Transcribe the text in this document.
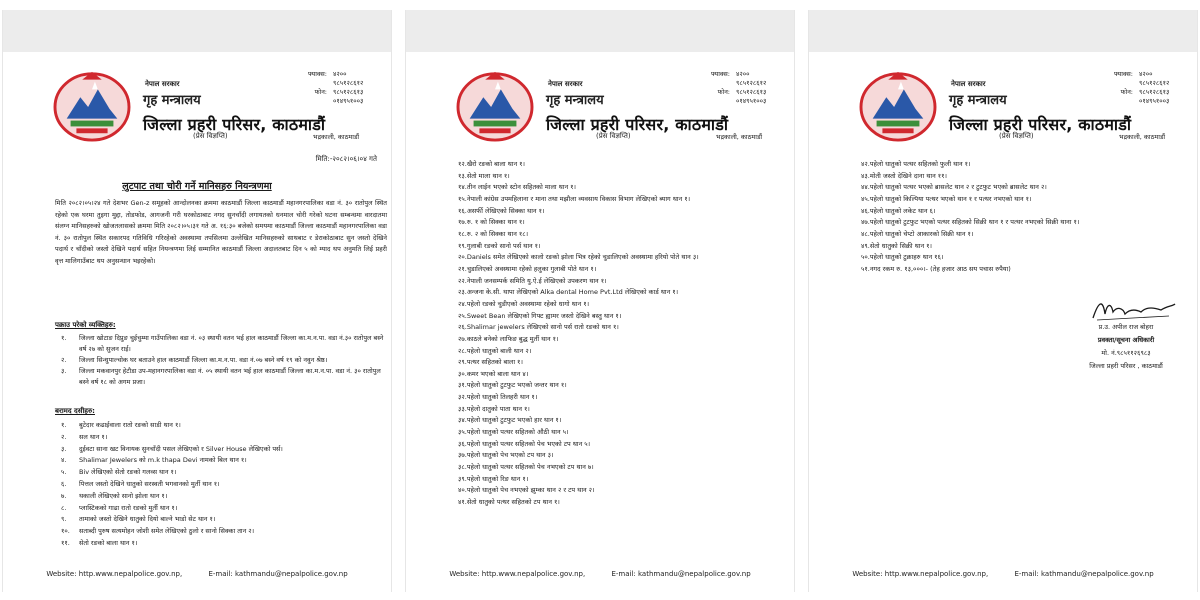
नेपाल सरकार
गृह मन्त्रालय
जिल्ला प्रहरी परिसर, काठमाडौं
(प्रेस विज्ञप्ति)
फ्याक्स: ४२००
९८५१२८६१२
फोन: ९८५१२८६१३
०१४९५१००३
भद्रकाली, काठमाडौं
मिति:-२०८२।०६।०४ गते
लुटपाट तथा चोरी गर्ने मानिसहरु नियन्त्रणमा
मिति २०८२।०५।२४ गते देशभर Gen-z समूहको आन्दोलनका क्रममा काठमाडौं जिल्ला काठमाडौं महानगरपालिका वडा नं. ३० रातोपुल स्थित रहेको एक घरमा तुइगा मुद्दा, तोडफोड, आगजनी गरी घरकोठाबाट नगद सुनचाँदी लगायतको धनमाल चोरी गरेको घटना सम्बन्धमा वारदातमा संलग्न मानिसहरुको खोजतलासको क्रममा मिति २०८२।०५।३१ गते अ. १६:३० बजेको समयमा काठमाडौं जिल्ला काठमाडौं महानगरपालिका वडा नं. ३० रातोपुल स्थित सकारपद गतिविधि गरिरहेको अवस्थामा तपसिलमा उल्लेखित मानिसहरुको साथबाट र डेराकोठाबाट सुन जस्तो देखिने पदार्थ र चाँदीको जस्तो देखिने पदार्थ सहित नियन्त्रणमा लिई सम्मानित काठमाडौं जिल्ला अदालतबाट दिन ५ को म्याद थप अनुमति लिई प्रहरी वृत्त मालिगाउँबाट थप अनुसन्धान भइरहेको।
पक्राउ परेको व्यक्तिहरु:
१.	जिल्ला खोटाङ दिप्रुङ चुईचुम्मा गाउँपालिका वडा नं. ०३ स्थायी वतन भई हाल काठमाडौं जिल्ला का.म.न.पा. वडा नं.३० रातोपुल बस्ने वर्ष २७ को सुजन राई।
२.	जिल्ला सिन्धुपाल्चोक घर बताउने हाल काठमाडौं जिल्ला का.म.न.पा. वडा नं.०७ बस्ने वर्ष १९ को नवुन श्रेष्ठ।
३.	जिल्ला मकवानपुर हेटौडा उप-महानगरपालिका वडा नं. ०५ स्थायी वतन भई हाल काठमाडौं जिल्ला का.म.न.पा. वडा नं. ३० रातोपुल बस्ने वर्ष १८ को अगम प्रजा।
बरामद दसीहरु:
१.	बुटेदार कढाईवाला रातो रङको साडी थान १।
२.	सल थान १।
३.	दुईवटा साना खट विनायक सुनचाँदी पसल लेखिएको र Silver House लेखिएको पर्स।
४.	Shalimar Jewelers को m.k thapa Devi नामको बिल थान १।
५.	Biv लेखिएको सेतो रङको गलव्स थान १।
६.	पित्तल जस्तो देखिने धातुको सरस्वती भगवानको मुर्ती थान १।
७.	थकाली लेखिएको सानो झोला थान १।
८.	प्लास्टिकको गाढा रातो रङको मुर्ती थान १।
९.	तामाको जस्तो देखिने धातुको दियो बाल्ने भाडो सेट थान १।
१०.	सताब्दी पुरुष सत्यमोहन जोशी समेत लेखिएको ठुलो र सानो सिक्का तान २।
११.	सेतो रङको बाला थान १।
Website: http.www.nepalpolice.gov.np,	E-mail: kathmandu@nepalpolice.gov.np
नेपाल सरकार
गृह मन्त्रालय
जिल्ला प्रहरी परिसर, काठमाडौं
(प्रेस विज्ञप्ति)
फ्याक्स: ४२००
९८५१२८६१२
फोन: ९८५१२८६१३
०१४९५१००३
भद्रकाली, काठमाडौं
१२.खैरो रङको बाला थान १।
१३.सेतो माला थान १।
१४.तीन लाईन भएको स्टोन सहितको माला थान १।
१५.नेपाली कांग्रेस उपमहिलाना र माना तथा मझौला व्यवसाय विकास विभाग लेखिएको ब्याग थान १।
१६.असर्फी लेखिएको सिक्का थान १।
१७.रु. १ को सिक्का थान १।
१८.रु. २ को सिक्का थान १८।
१९.गुलाबी रङको सानो पर्स थान १।
२०.Daniels समेत लेखिएको कालो रङको झोला भित्र रहेको चुडालिएको अवस्थामा हरियो पोते थान ३।
२१.चुडालिएको अवस्थामा रहेको हलुका गुलाबी पोते थान १।
२२.नेपाली जनसम्पर्क समिति यु.ऐ.ई लेखिएको उपकरण थान १।
२३.अन्जना के.सी. थापा लेखिएको Alka dental Home Pvt.Ltd लेखिएको कार्ड थान १।
२४.पहेलो रङको चुडीएको अवस्थामा रहेको धागो थान १।
२५.Sweet Bean लेखिएको गिफ्ट ह्यामर जस्तो देखिने बस्तु थान १।
२६.Shalimar jewelers लेखिएको सानो पर्स रातो रङको थान १।
२७.काठले बनेको लाफिङ बुद्ध मुर्ती थान १।
२८.पहेलो धातुको बाली थान २।
२९.पत्थर सहितको बाला १।
३०.कमर भएको बाला थान ४।
३१.पहेलो धातुको टुटफुट भएको जन्तर थान १।
३२.पहेलो धातुको तिलहरी थान १।
३३.पहेलो दातुको पाता थान १।
३४.पहेलो धातुको टुटफुट भएको हार थान १।
३५.पहेलो धातुको पत्थर सहितको औठी थान ५।
३६.पहेलो धातुको पत्थर सहितको पेच भएको टप थान ५।
३७.पहेलो धातुको पेच भएको टप थान ३।
३८.पहेलो धातुको पत्थर सहितको पेच नभएको टप थान ७।
३९.पहेलो धातुको रिङ थान १।
४०.पहेलो धातुको पेच नभएको झुम्का थान २ र टप थान २।
४१.सेतो धातुको पत्थर सहितको टप थान १।
Website: http.www.nepalpolice.gov.np,	E-mail: kathmandu@nepalpolice.gov.np
नेपाल सरकार
गृह मन्त्रालय
जिल्ला प्रहरी परिसर, काठमाडौं
(प्रेस विज्ञप्ति)
फ्याक्स: ४२००
९८५१२८६१२
फोन: ९८५१२८६१३
०१४९५१००३
भद्रकाली, काठमाडौं
४२.पहेलो धातुको पत्थर सहितको फुली थान १।
४३.मोती जस्तो देखिने दाना थान ११।
४४.पहेलो धातुको पत्थर भएको ब्रासलेट थान २ र टुटफुट भएको ब्रासलेट थान २।
४५.पहेलो धातुको किल्पिया पत्थर भएको थान १ र पत्थर नभएको थान १।
४६.पहेलो धातुको लकेट थान ६।
४७.पहेलो धातुको टुटफुट भएको पत्थर सहितको सिक्री थान १ र पत्थर नभएको सिक्री थाना १।
४८.पहेलो धातुको चेप्टो आकारको सिक्री थान १।
४९.सेतो धातुको सिक्री थान १।
५०.पहेलो धातुको टुक्राहरु थान १६।
५१.नगद रकम रु. १३,०००।- (तेह हजार आठ सय पचास रुपैया)
प्र.उ. अपील राज बोहरा
प्रवक्ता/सूचना अधिकारी
मो. नं.९८५११२६९८३
जिल्ला प्रहरी परिसर , काठमाडौं
Website: http.www.nepalpolice.gov.np,	E-mail: kathmandu@nepalpolice.gov.np
